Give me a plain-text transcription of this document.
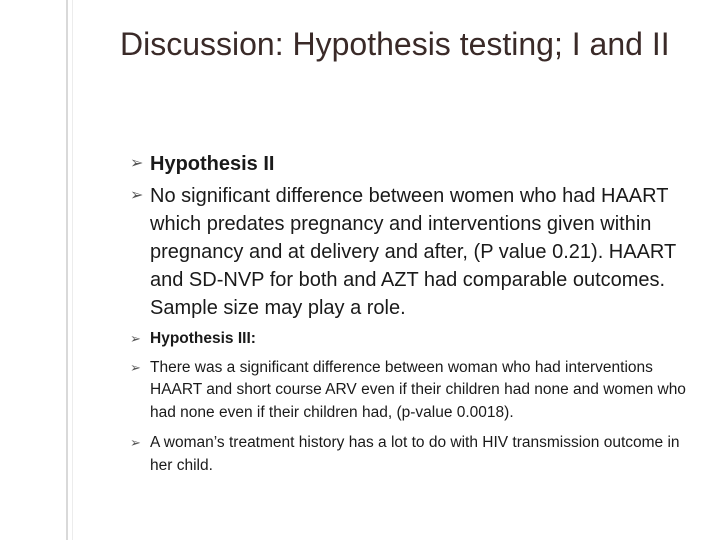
Discussion: Hypothesis testing; I and II
➢ Hypothesis II
➢ No significant difference between women who had HAART which predates pregnancy and interventions given within pregnancy and at delivery and after, (P value 0.21). HAART and SD-NVP for both and AZT had comparable outcomes. Sample size may play a role.
➢ Hypothesis III:
➢ There was a significant difference between woman who had interventions HAART and short course ARV even if their children had none and women who had none even if their children had, (p-value 0.0018).
➢ A woman’s treatment history has a lot to do with HIV transmission outcome in her child.
